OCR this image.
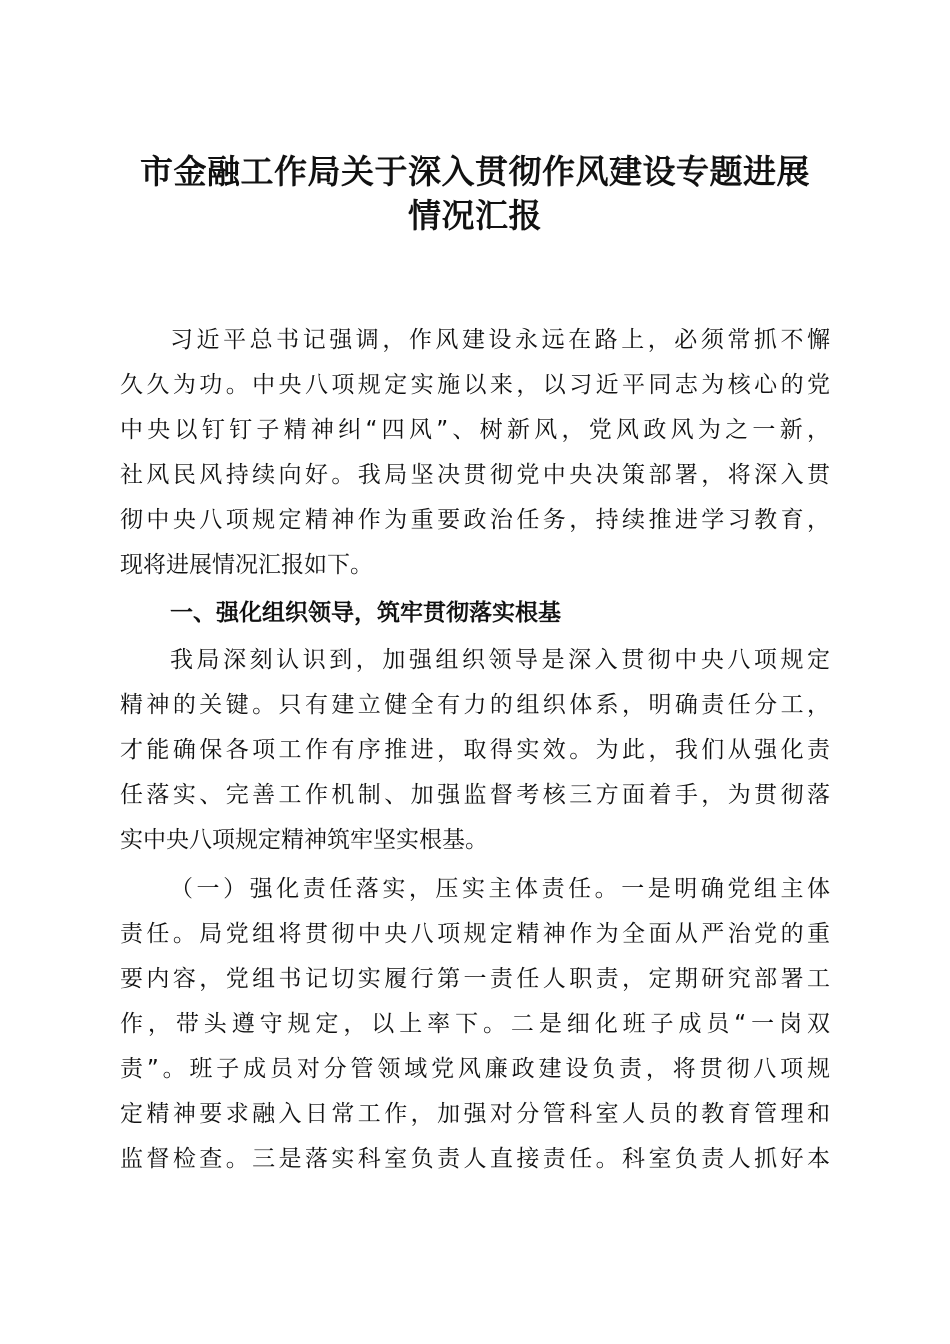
市金融工作局关于深入贯彻作风建设专题进展
情况汇报
习近平总书记强调，作风建设永远在路上，必须常抓不懈
久久为功。中央八项规定实施以来，以习近平同志为核心的党
中央以钉钉子精神纠“四风”、树新风，党风政风为之一新，
社风民风持续向好。我局坚决贯彻党中央决策部署，将深入贯
彻中央八项规定精神作为重要政治任务，持续推进学习教育，
现将进展情况汇报如下。
一、强化组织领导，筑牢贯彻落实根基
我局深刻认识到，加强组织领导是深入贯彻中央八项规定
精神的关键。只有建立健全有力的组织体系，明确责任分工，
才能确保各项工作有序推进，取得实效。为此，我们从强化责
任落实、完善工作机制、加强监督考核三方面着手，为贯彻落
实中央八项规定精神筑牢坚实根基。
（一）强化责任落实，压实主体责任。一是明确党组主体
责任。局党组将贯彻中央八项规定精神作为全面从严治党的重
要内容，党组书记切实履行第一责任人职责，定期研究部署工
作，带头遵守规定，以上率下。二是细化班子成员“一岗双
责”。班子成员对分管领域党风廉政建设负责，将贯彻八项规
定精神要求融入日常工作，加强对分管科室人员的教育管理和
监督检查。三是落实科室负责人直接责任。科室负责人抓好本
